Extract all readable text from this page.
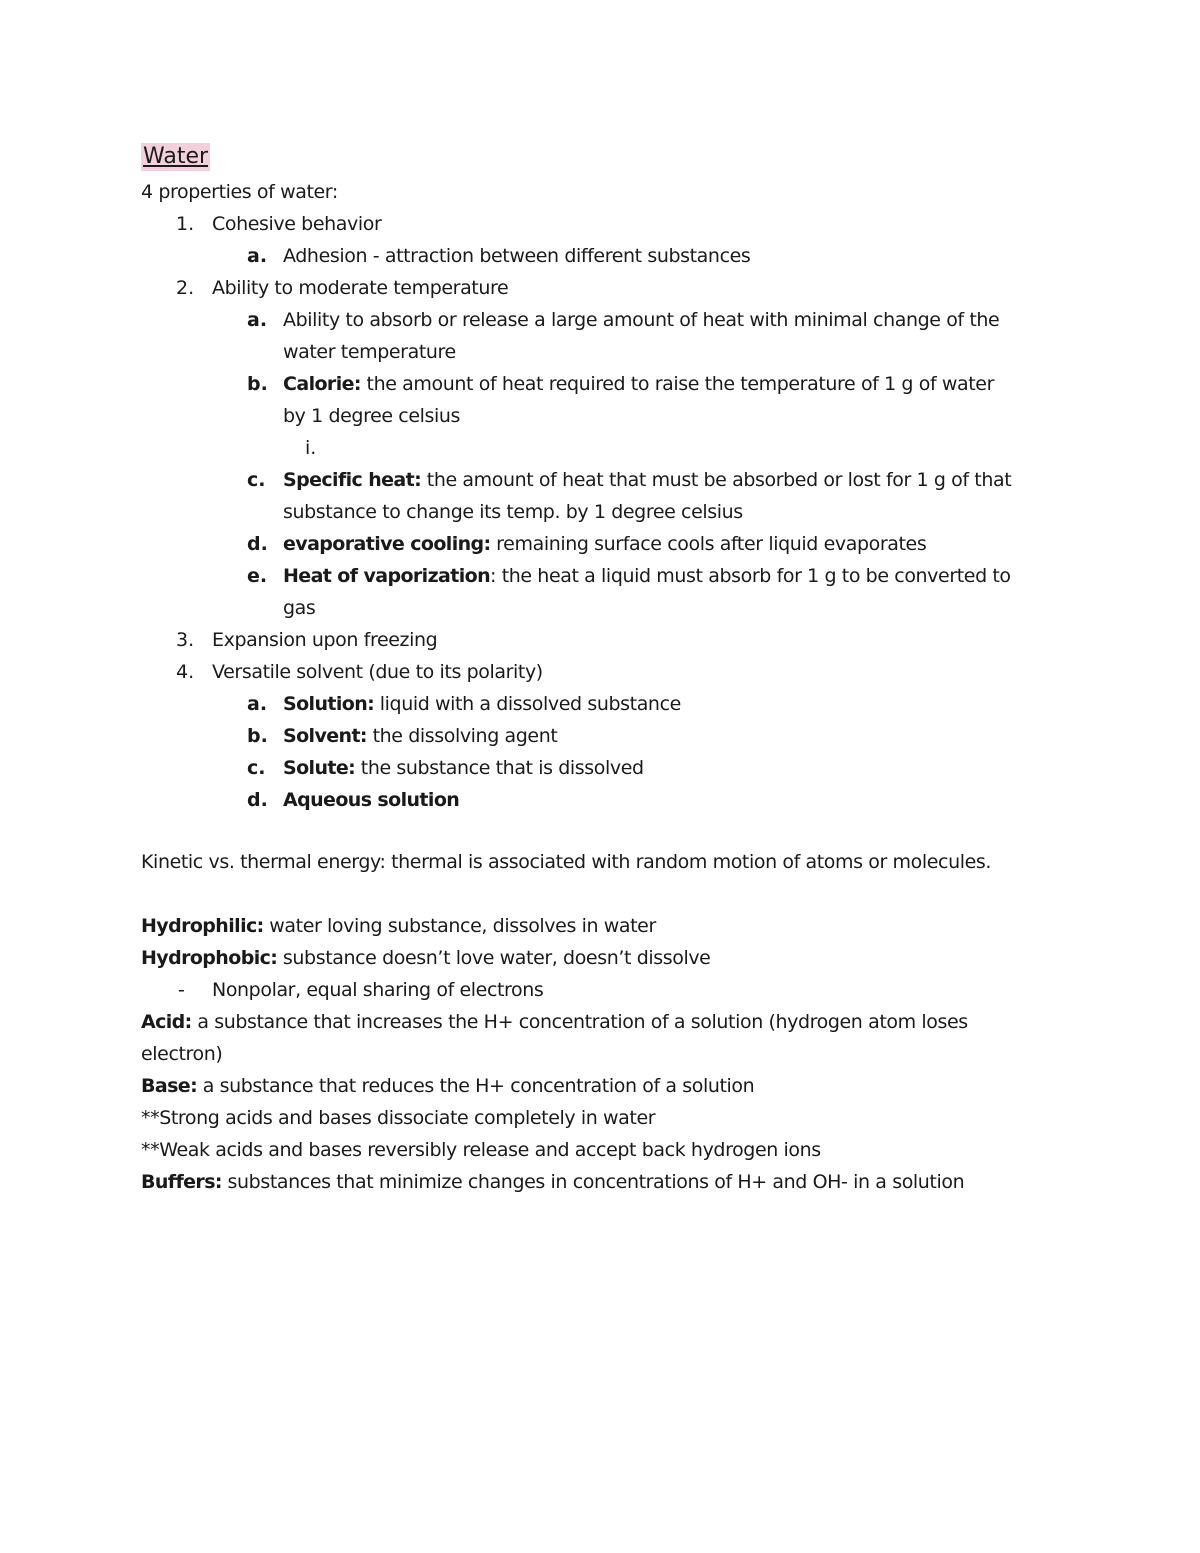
Water
4 properties of water:
1. Cohesive behavior
a. Adhesion - attraction between different substances
2. Ability to moderate temperature
a. Ability to absorb or release a large amount of heat with minimal change of the
water temperature
b. Calorie: the amount of heat required to raise the temperature of 1 g of water
by 1 degree celsius
i.
c. Specific heat: the amount of heat that must be absorbed or lost for 1 g of that
substance to change its temp. by 1 degree celsius
d. evaporative cooling: remaining surface cools after liquid evaporates
e. Heat of vaporization: the heat a liquid must absorb for 1 g to be converted to
gas
3. Expansion upon freezing
4. Versatile solvent (due to its polarity)
a. Solution: liquid with a dissolved substance
b. Solvent: the dissolving agent
c. Solute: the substance that is dissolved
d. Aqueous solution
Kinetic vs. thermal energy: thermal is associated with random motion of atoms or molecules.
Hydrophilic: water loving substance, dissolves in water
Hydrophobic: substance doesn’t love water, doesn’t dissolve
- Nonpolar, equal sharing of electrons
Acid: a substance that increases the H+ concentration of a solution (hydrogen atom loses
electron)
Base: a substance that reduces the H+ concentration of a solution
**Strong acids and bases dissociate completely in water
**Weak acids and bases reversibly release and accept back hydrogen ions
Buffers: substances that minimize changes in concentrations of H+ and OH- in a solution
